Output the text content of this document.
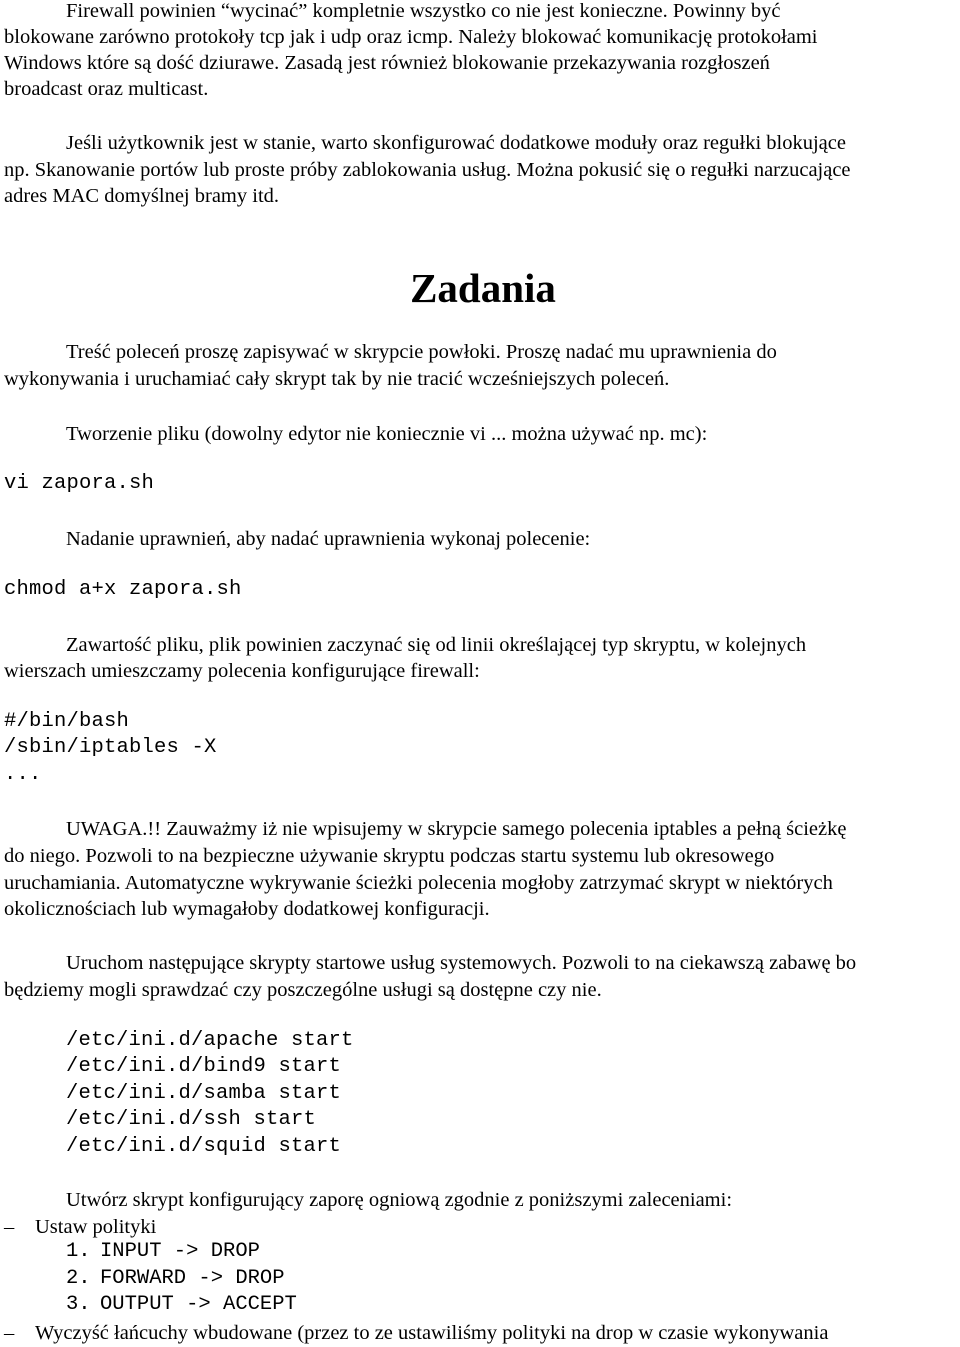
Firewall powinien “wycinać” kompletnie wszystko co nie jest konieczne. Powinny być
blokowane zarówno protokoły tcp jak i udp oraz icmp. Należy blokować komunikację protokołami
Windows które są dość dziurawe. Zasadą jest również blokowanie przekazywania rozgłoszeń
broadcast oraz multicast.
Jeśli użytkownik jest w stanie, warto skonfigurować dodatkowe moduły oraz regułki blokujące
np. Skanowanie portów lub proste próby zablokowania usług. Można pokusić się o regułki narzucające
adres MAC domyślnej bramy itd.
Zadania
Treść poleceń proszę zapisywać w skrypcie powłoki. Proszę nadać mu uprawnienia do
wykonywania i uruchamiać cały skrypt tak by nie tracić wcześniejszych poleceń.
Tworzenie pliku (dowolny edytor nie koniecznie vi ... można używać np. mc):
vi zapora.sh
Nadanie uprawnień, aby nadać uprawnienia wykonaj polecenie:
chmod a+x zapora.sh
Zawartość pliku, plik powinien zaczynać się od linii określającej typ skryptu, w kolejnych
wierszach umieszczamy polecenia konfigurujące firewall:
#/bin/bash
/sbin/iptables -X
...
UWAGA.!! Zauważmy iż nie wpisujemy w skrypcie samego polecenia iptables a pełną ścieżkę
do niego. Pozwoli to na bezpieczne używanie skryptu podczas startu systemu lub okresowego
uruchamiania. Automatyczne wykrywanie ścieżki polecenia mogłoby zatrzymać skrypt w niektórych
okolicznościach lub wymagałoby dodatkowej konfiguracji.
Uruchom następujące skrypty startowe usług systemowych. Pozwoli to na ciekawszą zabawę bo
będziemy mogli sprawdzać czy poszczególne usługi są dostępne czy nie.
/etc/ini.d/apache start
/etc/ini.d/bind9 start
/etc/ini.d/samba start
/etc/ini.d/ssh start
/etc/ini.d/squid start
Utwórz skrypt konfigurujący zaporę ogniową zgodnie z poniższymi zaleceniami:
–	Ustaw polityki
1. INPUT -> DROP
2. FORWARD -> DROP
3. OUTPUT -> ACCEPT
–	Wyczyść łańcuchy wbudowane (przez to ze ustawiliśmy polityki na drop w czasie wykonywania
